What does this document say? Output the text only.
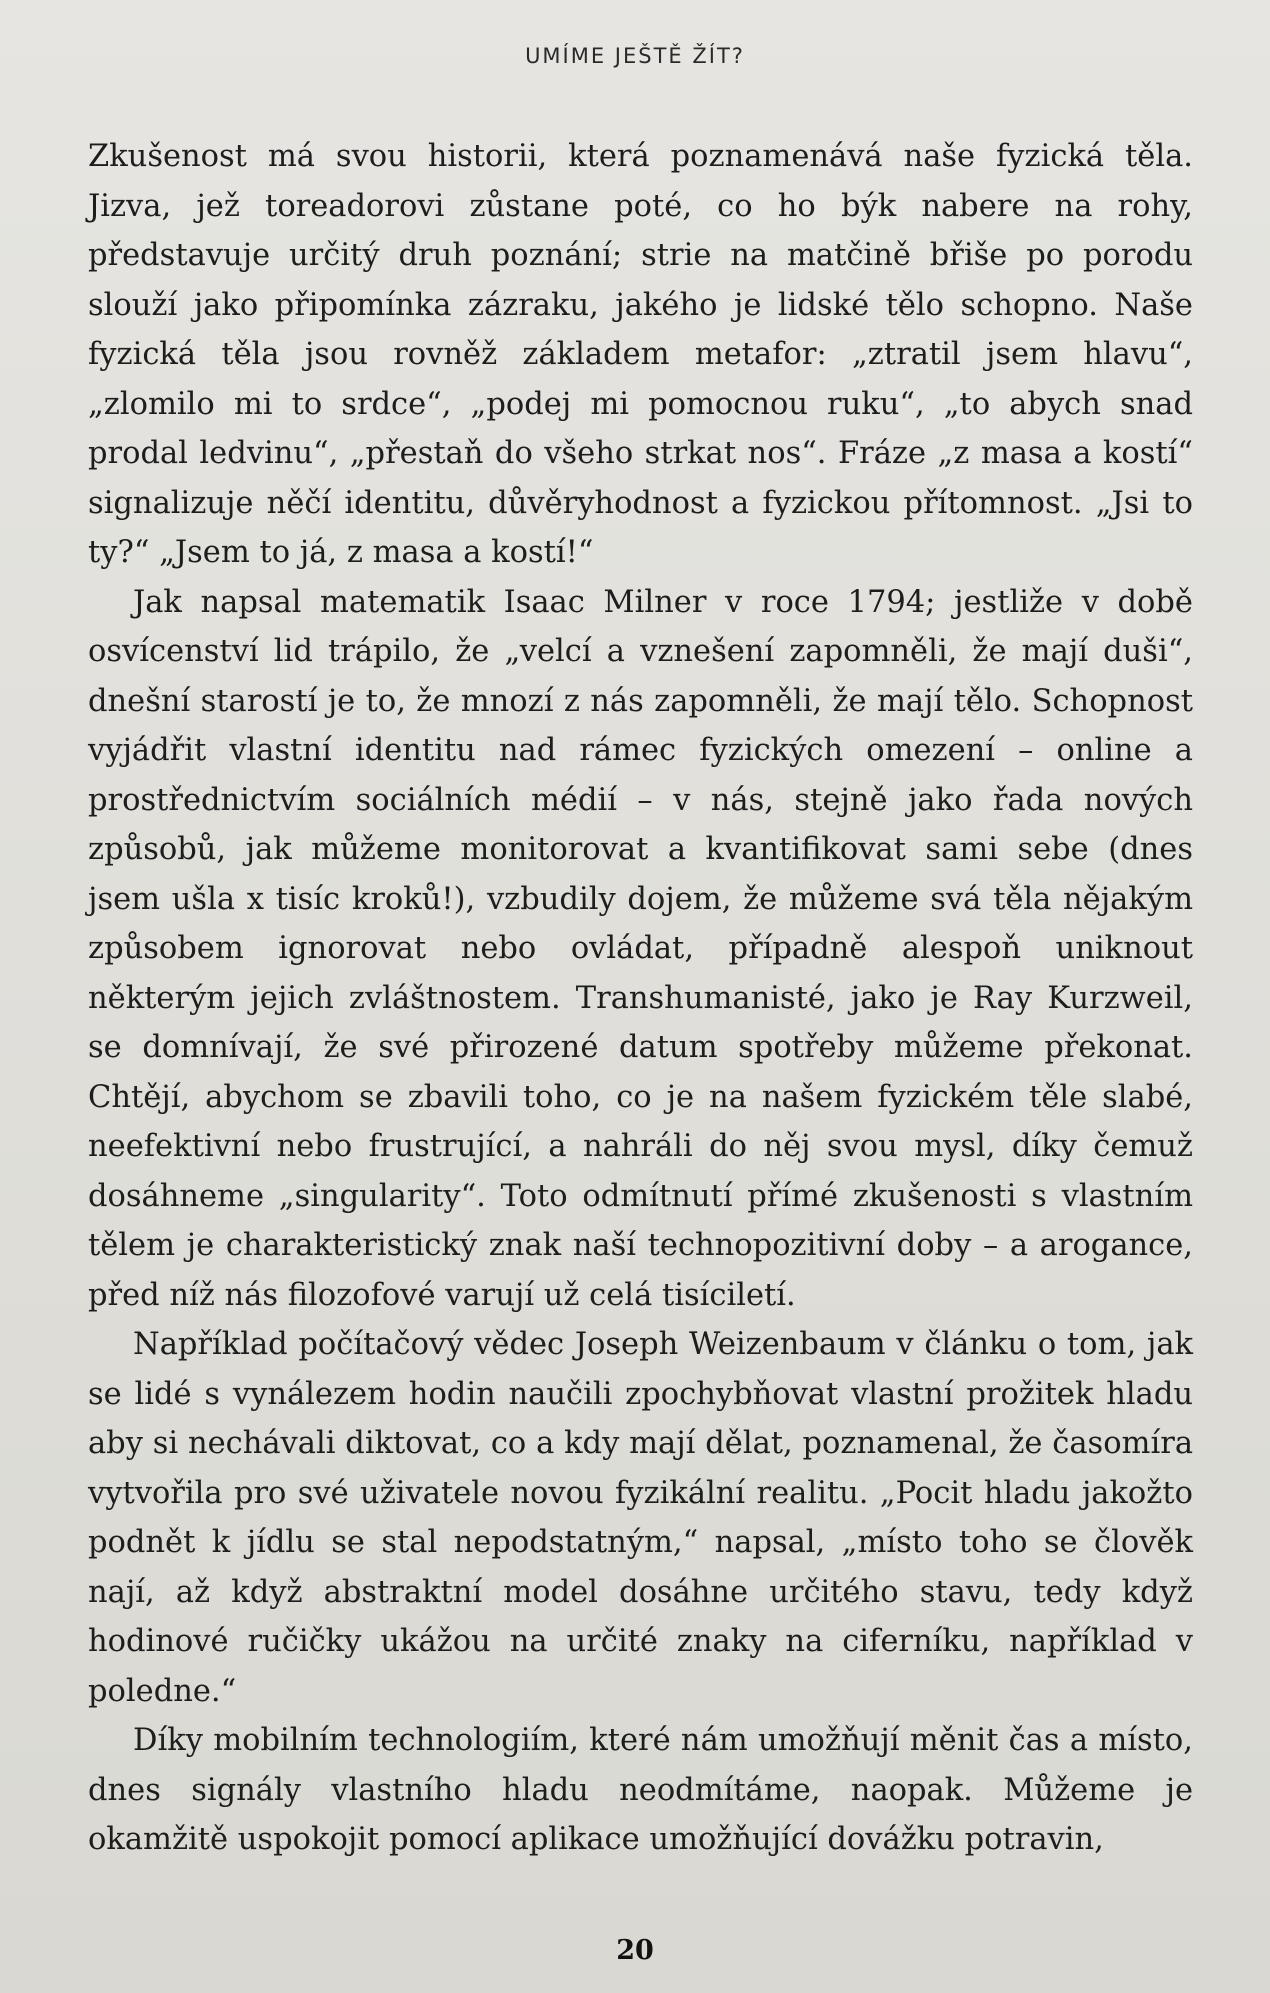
UMÍME JEŠTĚ ŽÍT?

Zkušenost má svou historii, která poznamenává naše fyzická těla. Jizva, jež toreadorovi zůstane poté, co ho býk nabere na rohy, představuje určitý druh poznání; strie na matčině břiše po porodu slouží jako připomínka zázraku, jakého je lidské tělo schopno. Naše fyzická těla jsou rovněž základem metafor: „ztratil jsem hlavu“, „zlomilo mi to srdce“, „podej mi pomocnou ruku“, „to abych snad prodal ledvinu“, „přestaň do všeho strkat nos“. Fráze „z masa a kostí“ signalizuje něčí identitu, důvěryhodnost a fyzickou přítomnost. „Jsi to ty?“ „Jsem to já, z masa a kostí!“

Jak napsal matematik Isaac Milner v roce 1794; jestliže v době osvícenství lid trápilo, že „velcí a vznešení zapomněli, že mají duši“, dnešní starostí je to, že mnozí z nás zapomněli, že mají tělo. Schopnost vyjádřit vlastní identitu nad rámec fyzických omezení – online a prostřednictvím sociálních médií – v nás, stejně jako řada nových způsobů, jak můžeme monitorovat a kvantifikovat sami sebe (dnes jsem ušla x tisíc kroků!), vzbudily dojem, že můžeme svá těla nějakým způsobem ignorovat nebo ovládat, případně alespoň uniknout některým jejich zvláštnostem. Transhumanisté, jako je Ray Kurzweil, se domnívají, že své přirozené datum spotřeby můžeme překonat. Chtějí, abychom se zbavili toho, co je na našem fyzickém těle slabé, neefektivní nebo frustrující, a nahráli do něj svou mysl, díky čemuž dosáhneme „singularity“. Toto odmítnutí přímé zkušenosti s vlastním tělem je charakteristický znak naší technopozitivní doby – a arogance, před níž nás filozofové varují už celá tisíciletí.

Například počítačový vědec Joseph Weizenbaum v článku o tom, jak se lidé s vynálezem hodin naučili zpochybňovat vlastní prožitek hladu aby si nechávali diktovat, co a kdy mají dělat, poznamenal, že časomíra vytvořila pro své uživatele novou fyzikální realitu. „Pocit hladu jakožto podnět k jídlu se stal nepodstatným,“ napsal, „místo toho se člověk nají, až když abstraktní model dosáhne určitého stavu, tedy když hodinové ručičky ukážou na určité znaky na ciferníku, například v poledne.“

Díky mobilním technologiím, které nám umožňují měnit čas a místo, dnes signály vlastního hladu neodmítáme, naopak. Můžeme je okamžitě uspokojit pomocí aplikace umožňující dovážku potravin,

20
